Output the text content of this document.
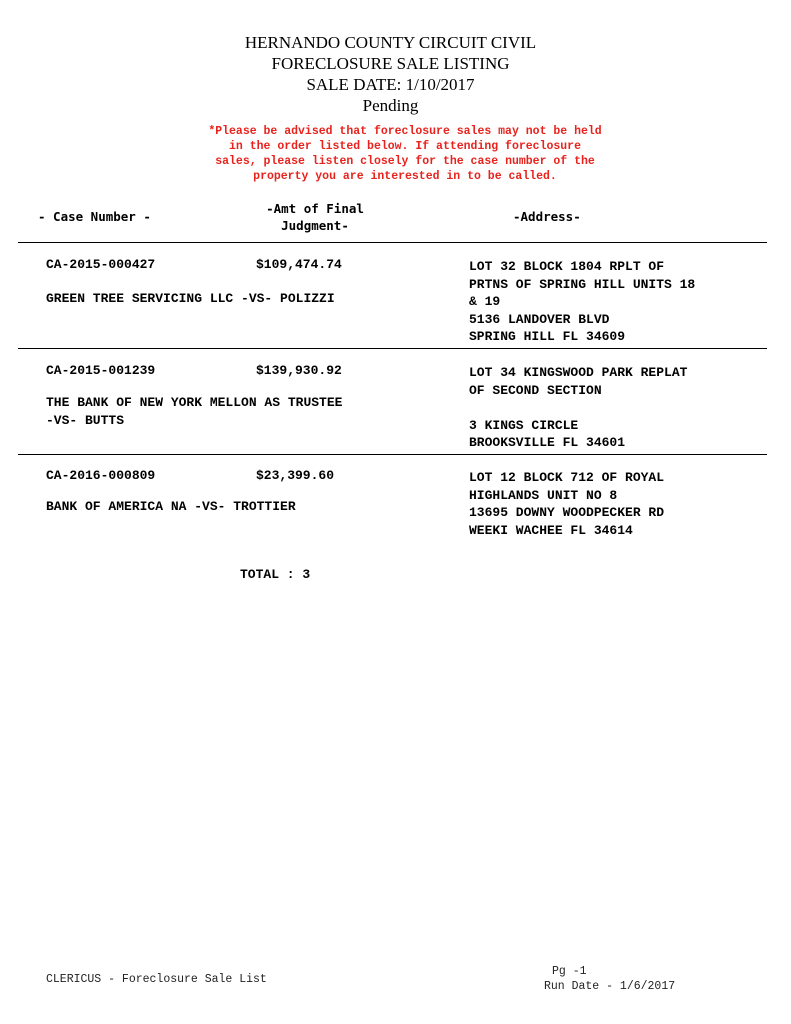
HERNANDO COUNTY CIRCUIT CIVIL
FORECLOSURE SALE LISTING
SALE DATE: 1/10/2017
Pending
*Please be advised that foreclosure sales may not be held
in the order listed below. If attending foreclosure
sales, please listen closely for the case number of the
property you are interested in to be called.
- Case Number -
-Amt of Final
Judgment-
-Address-
CA-2015-000427	$109,474.74
GREEN TREE SERVICING LLC -VS- POLIZZI
LOT 32 BLOCK 1804 RPLT OF
PRTNS OF SPRING HILL UNITS 18
& 19
5136 LANDOVER BLVD
SPRING HILL FL 34609
CA-2015-001239	$139,930.92
THE BANK OF NEW YORK MELLON AS TRUSTEE
-VS- BUTTS
LOT 34 KINGSWOOD PARK REPLAT
OF SECOND SECTION

3 KINGS CIRCLE
BROOKSVILLE FL 34601
CA-2016-000809	$23,399.60
BANK OF AMERICA NA -VS- TROTTIER
LOT 12 BLOCK 712 OF ROYAL
HIGHLANDS UNIT NO 8
13695 DOWNY WOODPECKER RD
WEEKI WACHEE FL 34614
TOTAL : 3
CLERICUS - Foreclosure Sale List
Pg -1
Run Date - 1/6/2017
